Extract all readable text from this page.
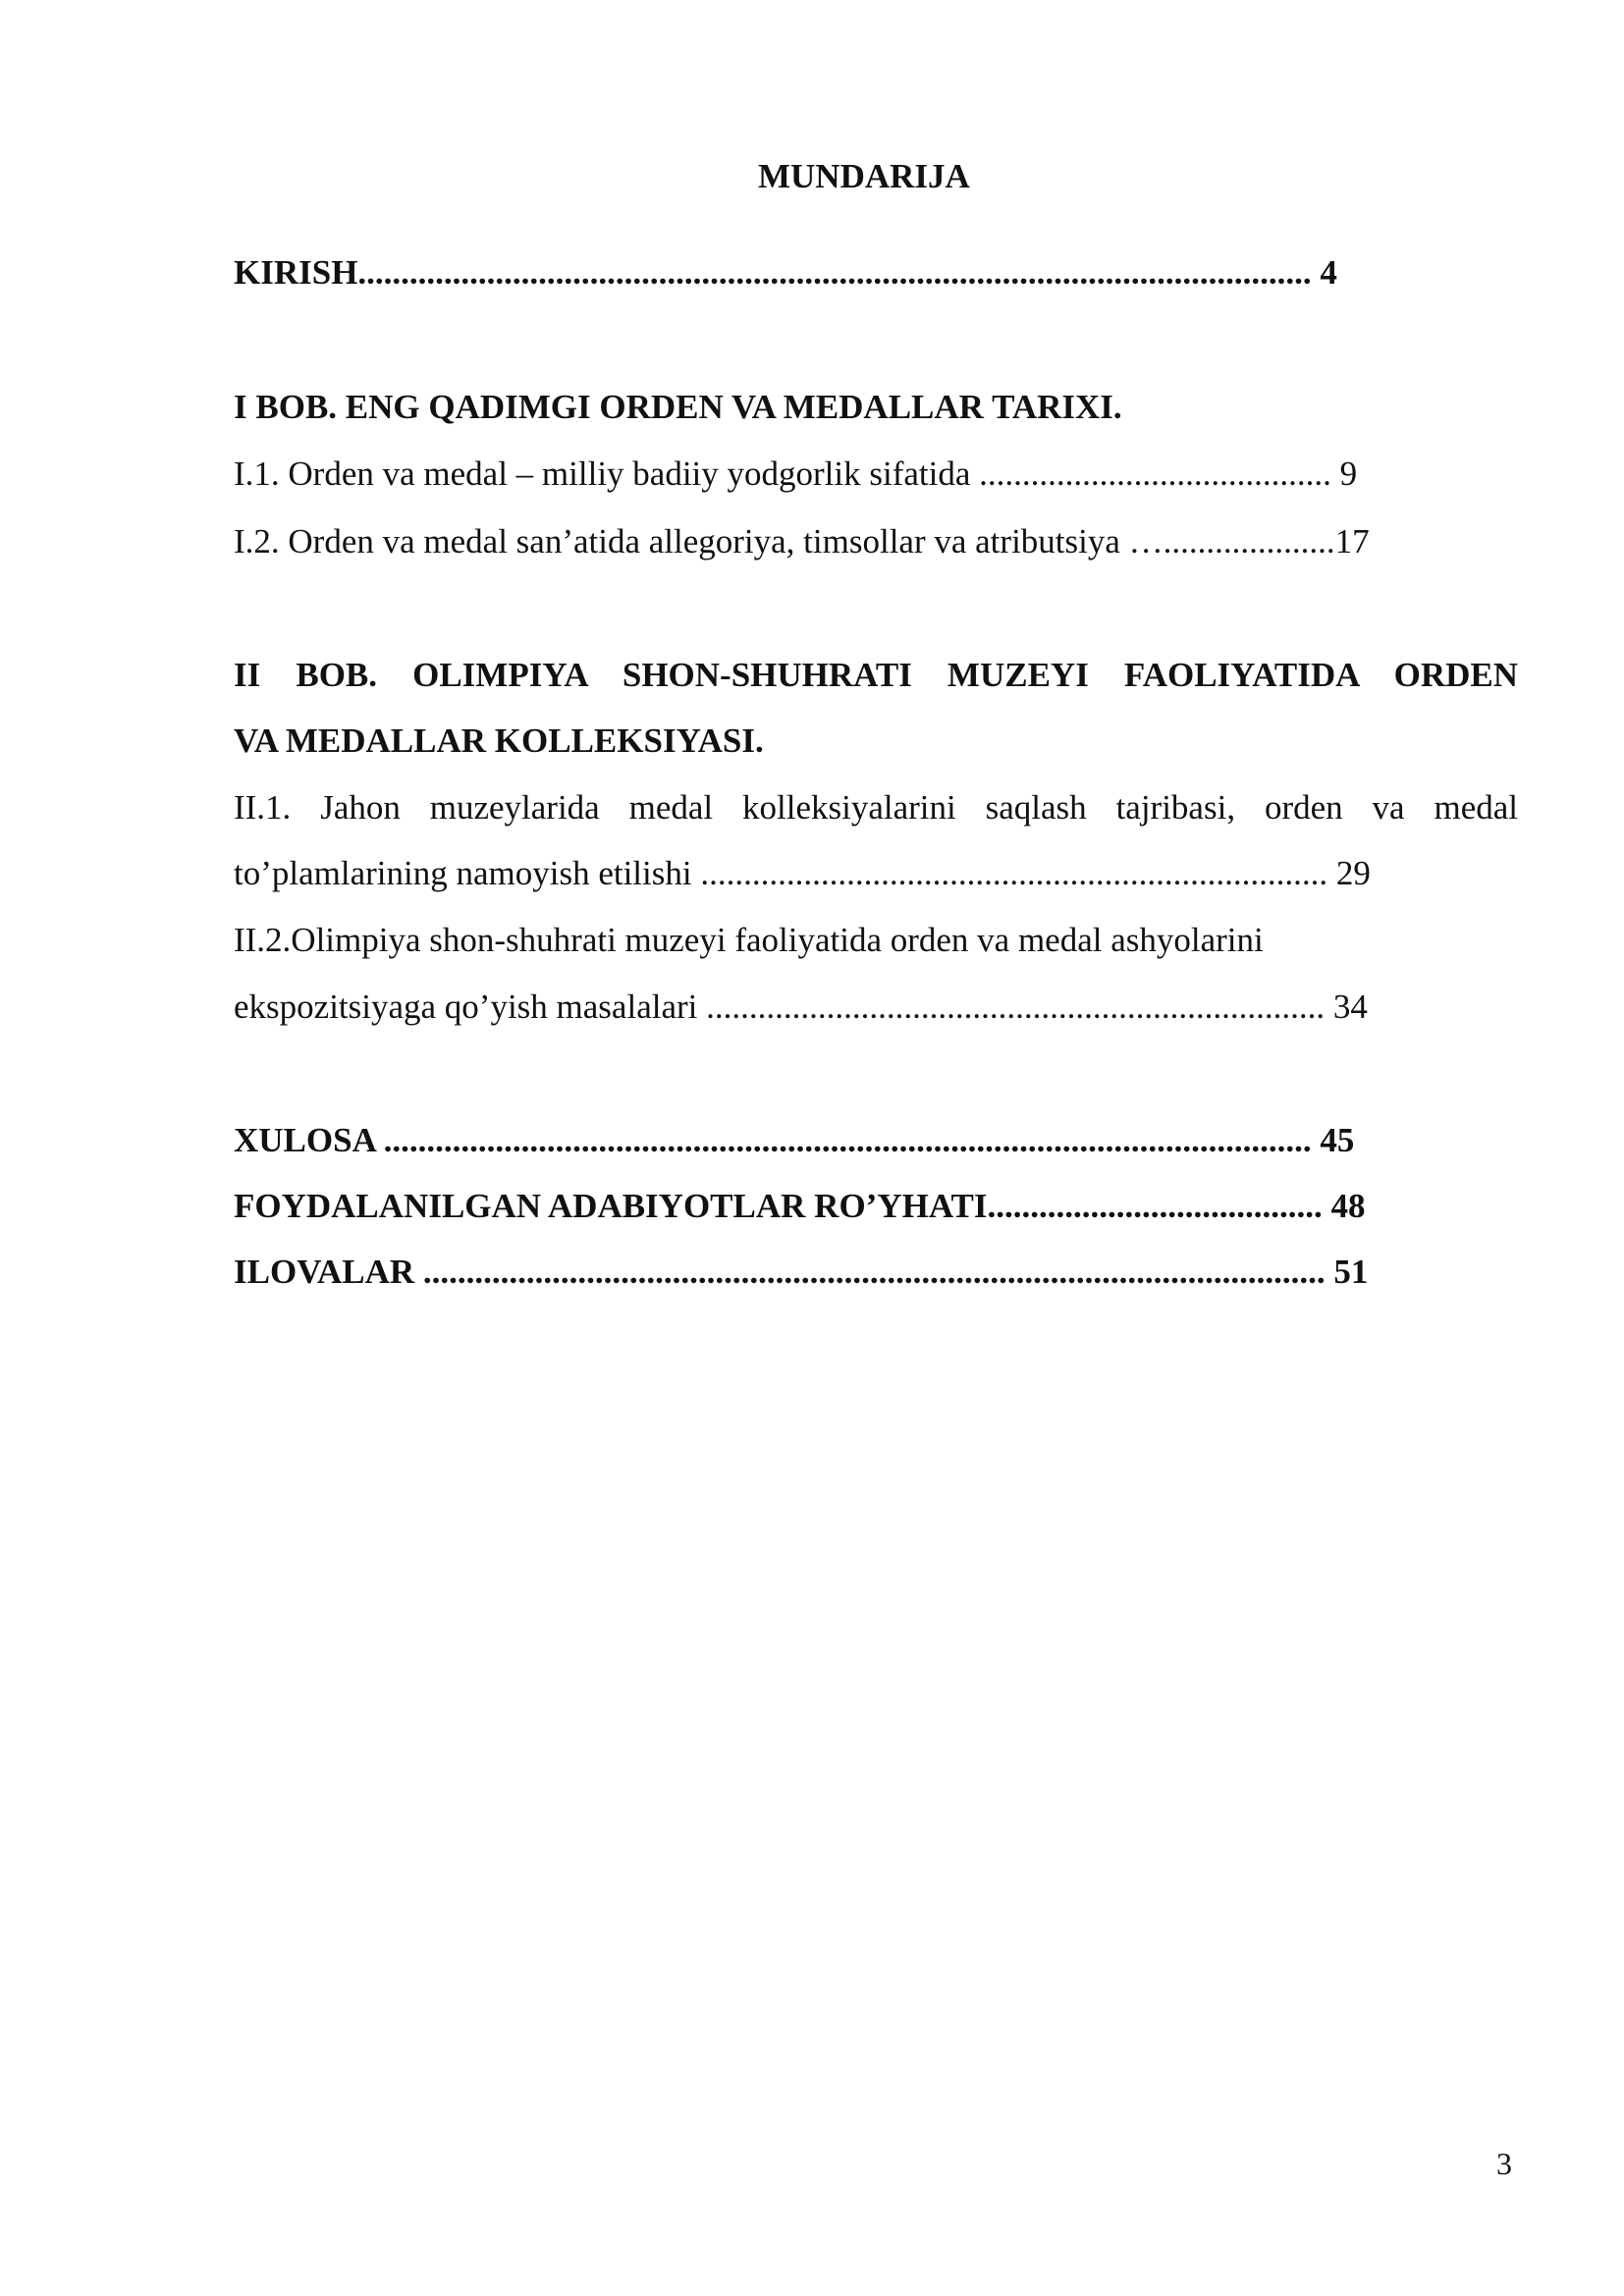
MUNDARIJA
KIRISH............................................................................................................... 4
I BOB. ENG QADIMGI ORDEN VA MEDALLAR TARIXI.
I.1. Orden va medal – milliy badiiy yodgorlik sifatida ......................................... 9
I.2. Orden va medal san’atida allegoriya, timsollar va atributsiya …....................17
II BOB. OLIMPIYA SHON-SHUHRATI MUZEYI FAOLIYATIDA ORDEN
VA MEDALLAR KOLLEKSIYASI.
II.1. Jahon muzeylarida medal kolleksiyalarini saqlash tajribasi, orden va medal
to’plamlarining namoyish etilishi ......................................................................... 29
II.2.Olimpiya shon-shuhrati muzeyi faoliyatida orden va medal ashyolarini
ekspozitsiyaga qo’yish masalalari ........................................................................ 34
XULOSA ............................................................................................................ 45
FOYDALANILGAN ADABIYOTLAR RO’YHATI....................................... 48
ILOVALAR ......................................................................................................... 51
3
